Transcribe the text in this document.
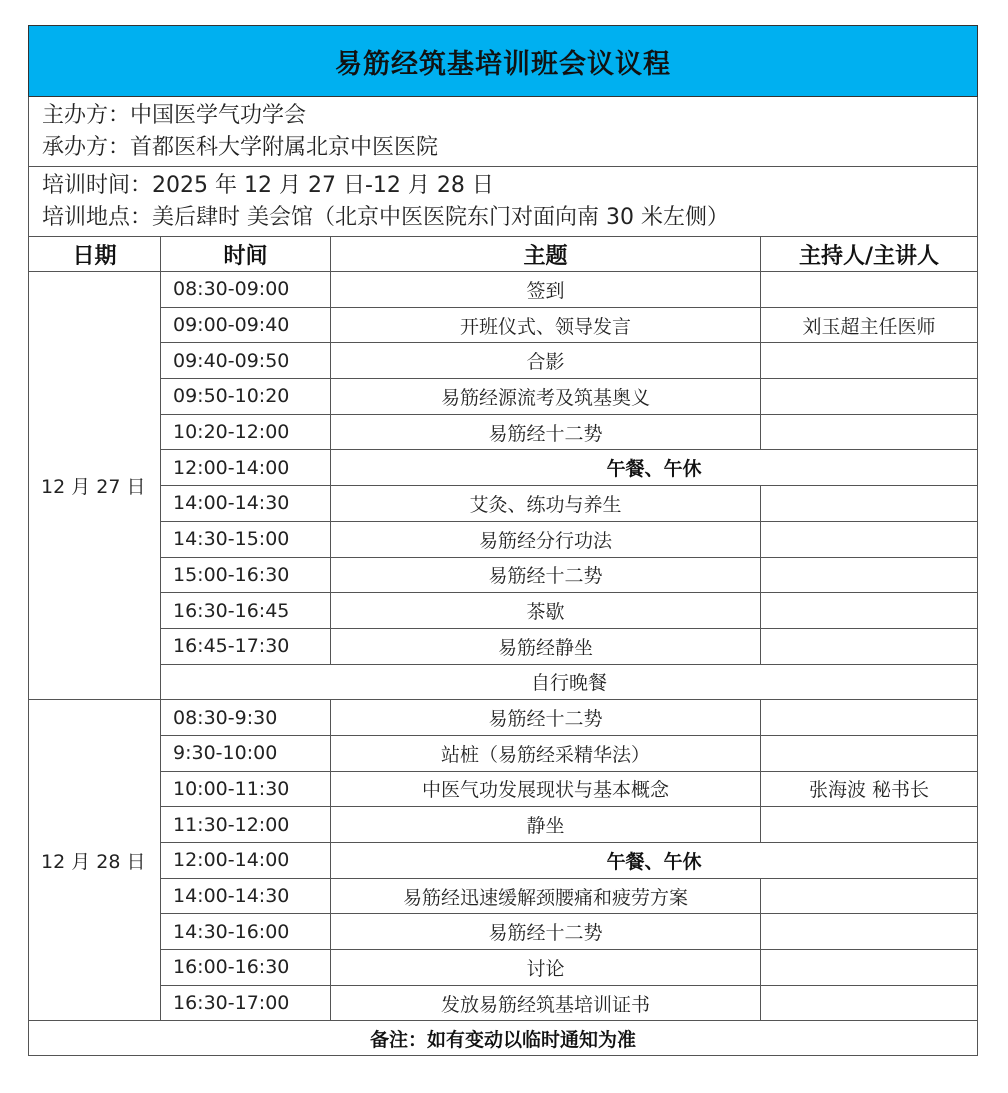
易筋经筑基培训班会议议程			

主办方：中国医学气功学会
承办方：首都医科大学附属北京中医医院			

培训时间：2025 年 12 月 27 日-12 月 28 日
培训地点：美后肆时 美会馆（北京中医医院东门对面向南 30 米左侧）			

日期	时间	主题	主持人/主讲人
12 月 27 日	08:30-09:00	签到	
	09:00-09:40	开班仪式、领导发言	刘玉超主任医师
	09:40-09:50	合影	
	09:50-10:20	易筋经源流考及筑基奥义	
	10:20-12:00	易筋经十二势	
	12:00-14:00	午餐、午休	
	14:00-14:30	艾灸、练功与养生	
	14:30-15:00	易筋经分行功法	
	15:00-16:30	易筋经十二势	
	16:30-16:45	茶歇	
	16:45-17:30	易筋经静坐	
	自行晚餐		
12 月 28 日	08:30-9:30	易筋经十二势	
	9:30-10:00	站桩（易筋经采精华法）	
	10:00-11:30	中医气功发展现状与基本概念	张海波 秘书长
	11:30-12:00	静坐	
	12:00-14:00	午餐、午休	
	14:00-14:30	易筋经迅速缓解颈腰痛和疲劳方案	
	14:30-16:00	易筋经十二势	
	16:00-16:30	讨论	
	16:30-17:00	发放易筋经筑基培训证书	
备注：如有变动以临时通知为准			
